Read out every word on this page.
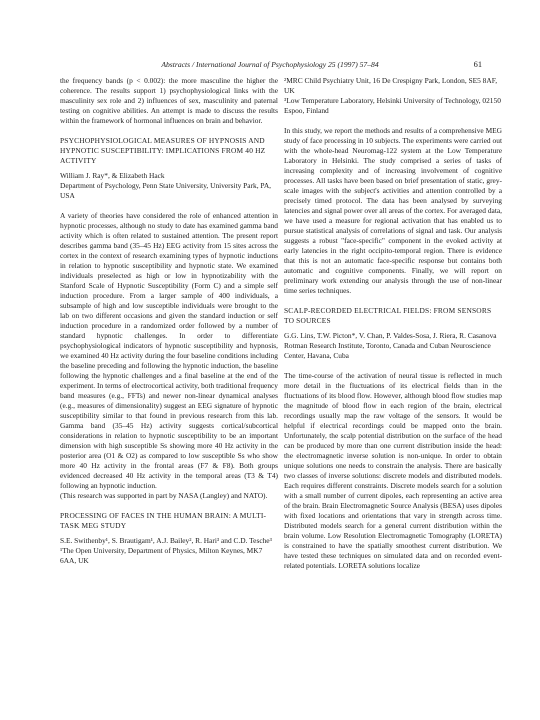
Abstracts / International Journal of Psychophysiology 25 (1997) 57–84	61

the frequency bands (p < 0.002): the more masculine the higher the coherence. The results support 1) psychophysiological links with the masculinity sex role and 2) influences of sex, masculinity and paternal testing on cognitive abilities. An attempt is made to discuss the results within the framework of hormonal influences on brain and behavior.

PSYCHOPHYSIOLOGICAL MEASURES OF HYPNOSIS AND HYPNOTIC SUSCEPTIBILITY: IMPLICATIONS FROM 40 HZ ACTIVITY

William J. Ray*, & Elizabeth Hack

Department of Psychology, Penn State University, University Park, PA, USA

A variety of theories have considered the role of enhanced attention in hypnotic processes, although no study to date has examined gamma band activity which is often related to sustained attention. The present report describes gamma band (35–45 Hz) EEG activity from 15 sites across the cortex in the context of research examining types of hypnotic inductions in relation to hypnotic susceptibility and hypnotic state. We examined individuals preselected as high or low in hypnotizability with the Stanford Scale of Hypnotic Susceptibility (Form C) and a simple self induction procedure. From a larger sample of 400 individuals, a subsample of high and low susceptible individuals were brought to the lab on two different occasions and given the standard induction or self induction procedure in a randomized order followed by a number of standard hypnotic challenges. In order to differentiate psychophysiological indicators of hypnotic susceptibility and hypnosis, we examined 40 Hz activity during the four baseline conditions including the baseline preceding and following the hypnotic induction, the baseline following the hypnotic challenges and a final baseline at the end of the experiment. In terms of electrocortical activity, both traditional frequency band measures (e.g., FFTs) and newer non-linear dynamical analyses (e.g., measures of dimensionality) suggest an EEG signature of hypnotic susceptibility similar to that found in previous research from this lab. Gamma band (35–45 Hz) activity suggests cortical/subcortical considerations in relation to hypnotic susceptibility to be an important dimension with high susceptible Ss showing more 40 Hz activity in the posterior area (O1 & O2) as compared to low susceptible Ss who show more 40 Hz activity in the frontal areas (F7 & F8). Both groups evidenced decreased 40 Hz activity in the temporal areas (T3 & T4) following an hypnotic induction.

(This research was supported in part by NASA (Langley) and NATO).

PROCESSING OF FACES IN THE HUMAN BRAIN: A MULTI-TASK MEG STUDY

S.E. Swithenby¹, S. Brautigam¹, A.J. Bailey², R. Hari³ and C.D. Tesche³

¹The Open University, Department of Physics, Milton Keynes, MK7 6AA, UK

²MRC Child Psychiatry Unit, 16 De Crespigny Park, London, SE5 8AF, UK

³Low Temperature Laboratory, Helsinki University of Technology, 02150 Espoo, Finland

In this study, we report the methods and results of a comprehensive MEG study of face processing in 10 subjects. The experiments were carried out with the whole-head Neuromag-122 system at the Low Temperature Laboratory in Helsinki. The study comprised a series of tasks of increasing complexity and of increasing involvement of cognitive processes. All tasks have been based on brief presentation of static, grey-scale images with the subject's activities and attention controlled by a precisely timed protocol. The data has been analysed by surveying latencies and signal power over all areas of the cortex. For averaged data, we have used a measure for regional activation that has enabled us to pursue statistical analysis of correlations of signal and task. Our analysis suggests a robust "face-specific" component in the evoked activity at early latencies in the right occipito-temporal region. There is evidence that this is not an automatic face-specific response but contains both automatic and cognitive components. Finally, we will report on preliminary work extending our analysis through the use of non-linear time series techniques.

SCALP-RECORDED ELECTRICAL FIELDS: FROM SENSORS TO SOURCES

G.G. Lins, T.W. Picton*, V. Chan, P. Valdes-Sosa, J. Riera, R. Casanova

Rotman Research Institute, Toronto, Canada and Cuban Neuroscience Center, Havana, Cuba

The time-course of the activation of neural tissue is reflected in much more detail in the fluctuations of its electrical fields than in the fluctuations of its blood flow. However, although blood flow studies map the magnitude of blood flow in each region of the brain, electrical recordings usually map the raw voltage of the sensors. It would be helpful if electrical recordings could be mapped onto the brain. Unfortunately, the scalp potential distribution on the surface of the head can be produced by more than one current distribution inside the head: the electromagnetic inverse solution is non-unique. In order to obtain unique solutions one needs to constrain the analysis. There are basically two classes of inverse solutions: discrete models and distributed models. Each requires different constraints. Discrete models search for a solution with a small number of current dipoles, each representing an active area of the brain. Brain Electromagnetic Source Analysis (BESA) uses dipoles with fixed locations and orientations that vary in strength across time. Distributed models search for a general current distribution within the brain volume. Low Resolution Electromagnetic Tomography (LORETA) is constrained to have the spatially smoothest current distribution. We have tested these techniques on simulated data and on recorded event-related potentials. LORETA solutions localize
